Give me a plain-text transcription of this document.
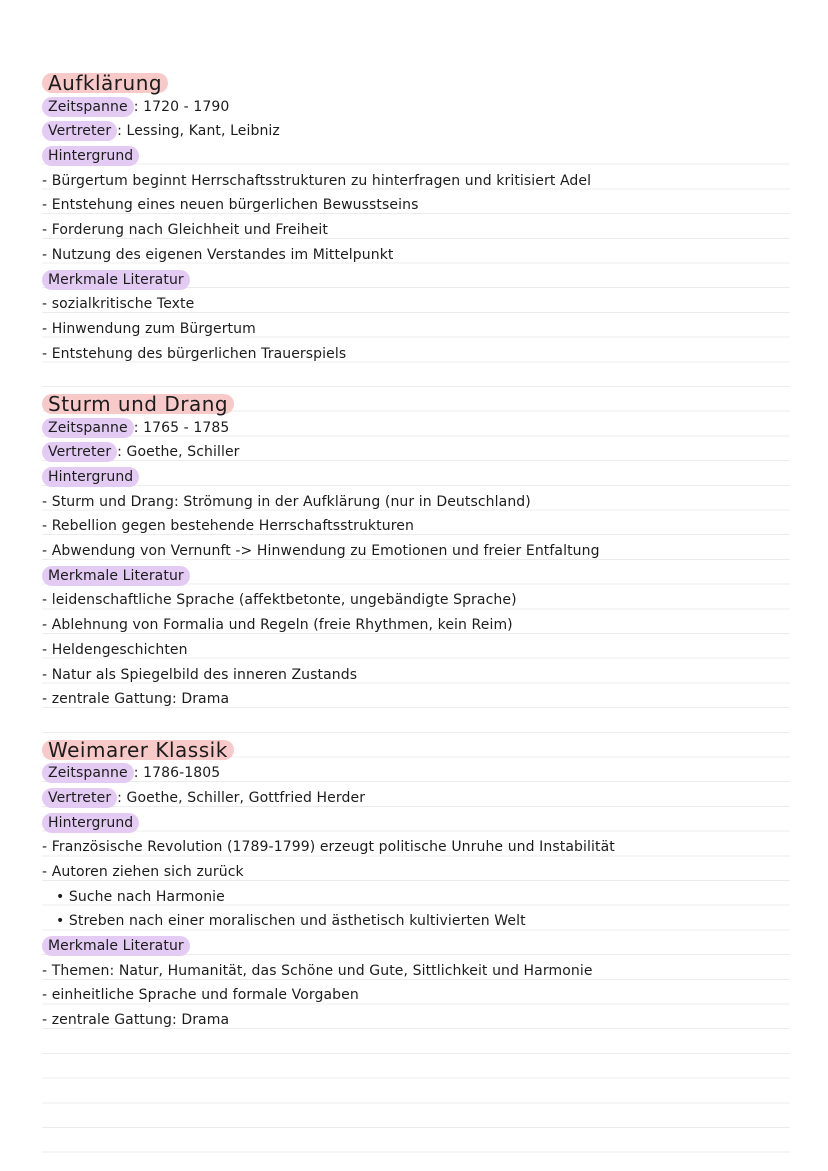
Aufklärung
Zeitspanne : 1720 - 1790
Vertreter : Lessing, Kant, Leibniz
Hintergrund
- Bürgertum beginnt Herrschaftsstrukturen zu hinterfragen und kritisiert Adel
- Entstehung eines neuen bürgerlichen Bewusstseins
- Forderung nach Gleichheit und Freiheit
- Nutzung des eigenen Verstandes im Mittelpunkt
Merkmale Literatur
- sozialkritische Texte
- Hinwendung zum Bürgertum
- Entstehung des bürgerlichen Trauerspiels
Sturm und Drang
Zeitspanne : 1765 - 1785
Vertreter : Goethe, Schiller
Hintergrund
- Sturm und Drang: Strömung in der Aufklärung (nur in Deutschland)
- Rebellion gegen bestehende Herrschaftsstrukturen
- Abwendung von Vernunft -> Hinwendung zu Emotionen und freier Entfaltung
Merkmale Literatur
- leidenschaftliche Sprache (affektbetonte, ungebändigte Sprache)
- Ablehnung von Formalia und Regeln (freie Rhythmen, kein Reim)
- Heldengeschichten
- Natur als Spiegelbild des inneren Zustands
- zentrale Gattung: Drama
Weimarer Klassik
Zeitspanne : 1786-1805
Vertreter : Goethe, Schiller, Gottfried Herder
Hintergrund
- Französische Revolution (1789-1799) erzeugt politische Unruhe und Instabilität
- Autoren ziehen sich zurück
• Suche nach Harmonie
• Streben nach einer moralischen und ästhetisch kultivierten Welt
Merkmale Literatur
- Themen: Natur, Humanität, das Schöne und Gute, Sittlichkeit und Harmonie
- einheitliche Sprache und formale Vorgaben
- zentrale Gattung: Drama
